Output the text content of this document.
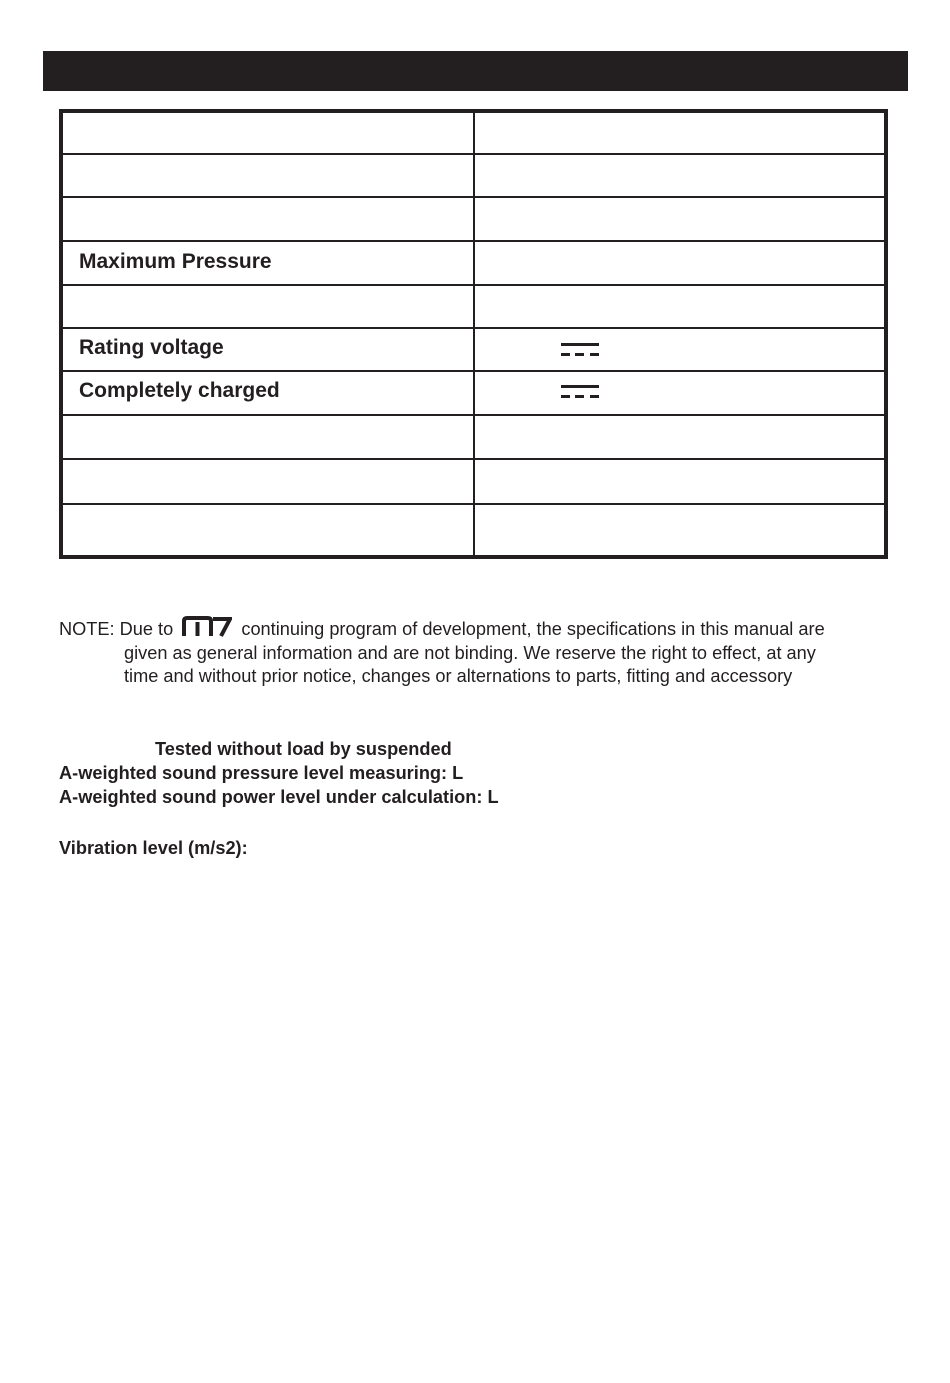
Maximum Pressure
Rating voltage
Completely charged
NOTE: Due to	continuing program of development, the specifications in this manual are
given as general information and are not binding. We reserve the right to effect, at any
time and without prior notice, changes or alternations to parts, fitting and accessory
Tested without load by suspended
A-weighted sound pressure level measuring: L
A-weighted sound power level under calculation: L
Vibration level (m/s2):
